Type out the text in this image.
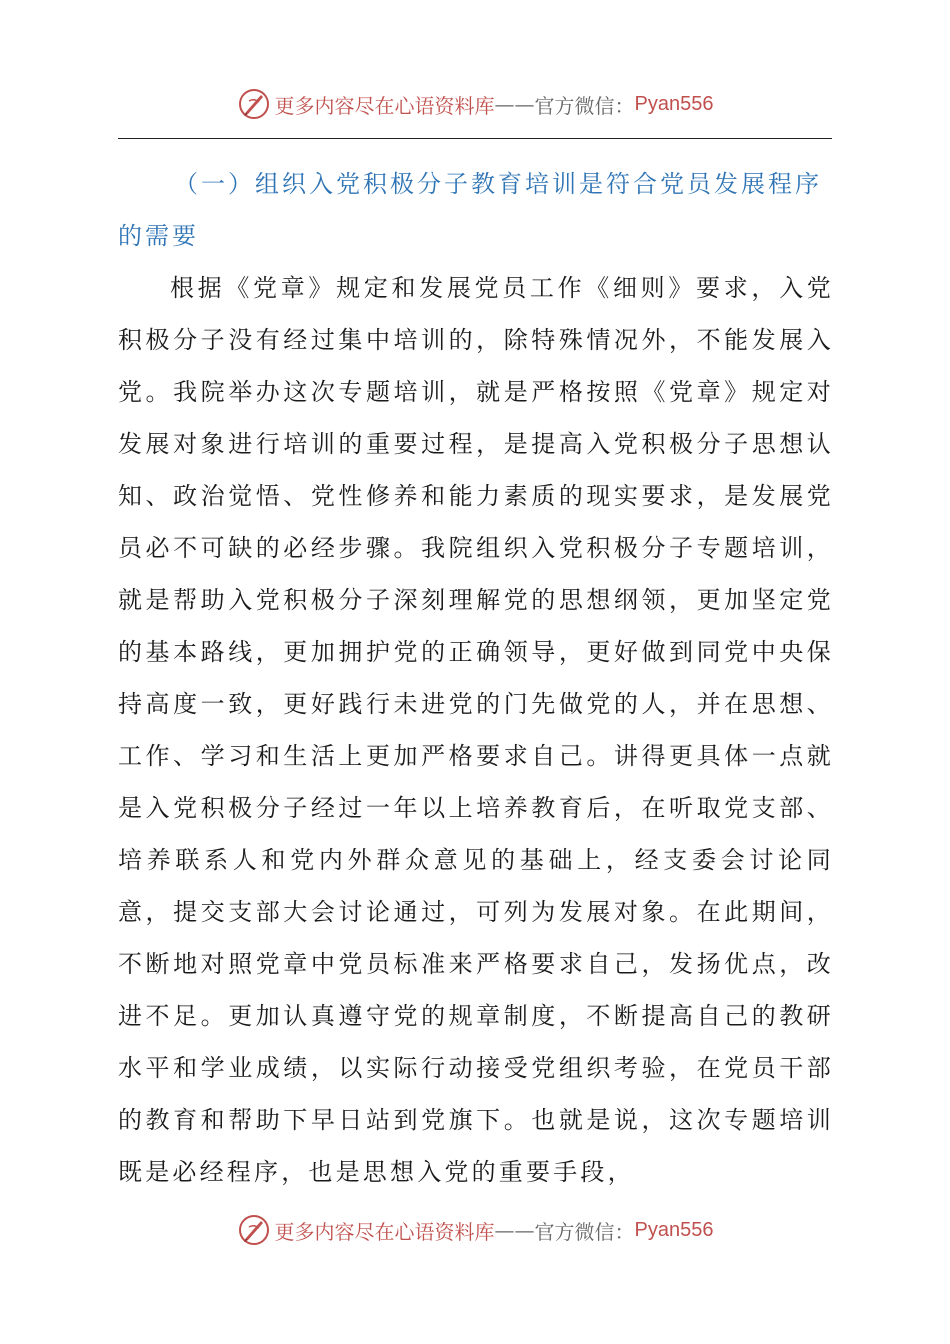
更多内容尽在心语资料库 —— 官方微信： Pyan556
（一）组织入党积极分子教育培训是符合党员发展程序的需要

根据《党章》规定和发展党员工作《细则》要求，入党积极分子没有经过集中培训的，除特殊情况外，不能发展入党。我院举办这次专题培训，就是严格按照《党章》规定对发展对象进行培训的重要过程，是提高入党积极分子思想认知、政治觉悟、党性修养和能力素质的现实要求，是发展党员必不可缺的必经步骤。我院组织入党积极分子专题培训，就是帮助入党积极分子深刻理解党的思想纲领，更加坚定党的基本路线，更加拥护党的正确领导，更好做到同党中央保持高度一致，更好践行未进党的门先做党的人，并在思想、工作、学习和生活上更加严格要求自己。讲得更具体一点就是入党积极分子经过一年以上培养教育后，在听取党支部、培养联系人和党内外群众意见的基础上，经支委会讨论同意，提交支部大会讨论通过，可列为发展对象。在此期间，不断地对照党章中党员标准来严格要求自己，发扬优点，改进不足。更加认真遵守党的规章制度，不断提高自己的教研水平和学业成绩，以实际行动接受党组织考验，在党员干部的教育和帮助下早日站到党旗下。也就是说，这次专题培训既是必经程序，也是思想入党的重要手段，

更多内容尽在心语资料库 —— 官方微信： Pyan556
